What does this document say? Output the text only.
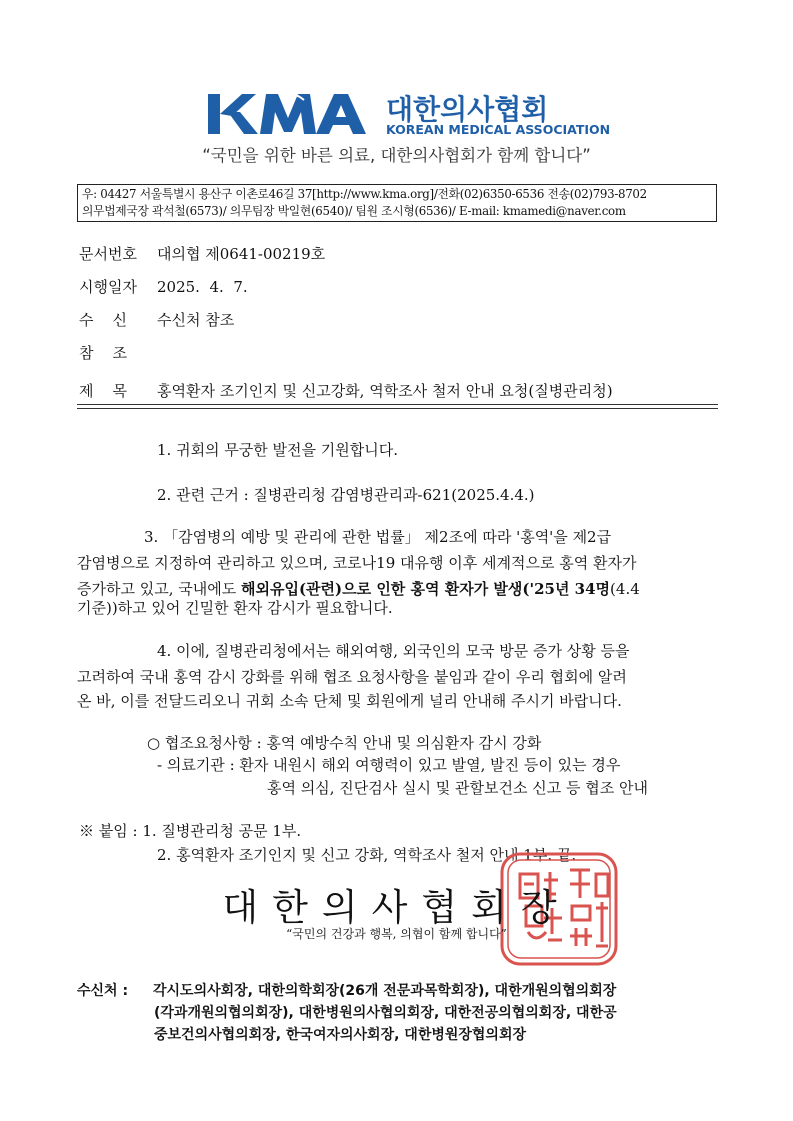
대한의사협회
KOREAN MEDICAL ASSOCIATION
“국민을 위한 바른 의료, 대한의사협회가 함께 합니다”
우: 04427 서울특별시 용산구 이촌로46길 37[http://www.kma.org]/전화(02)6350-6536 전송(02)793-8702
의무법제국장 곽석철(6573)/ 의무팀장 박일현(6540)/ 팀원 조시형(6536)/ E-mail: kmamedi@naver.com
문서번호 대의협 제0641-00219호
시행일자 2025.  4.  7.
수    신 수신처 참조
참    조
제    목 홍역환자 조기인지 및 신고강화, 역학조사 철저 안내 요청(질병관리청)
1. 귀회의 무궁한 발전을 기원합니다.
2. 관련 근거 : 질병관리청 감염병관리과-621(2025.4.4.)
3. 「감염병의 예방 및 관리에 관한 법률」 제2조에 따라 '홍역'을 제2급
감염병으로 지정하여 관리하고 있으며, 코로나19 대유행 이후 세계적으로 홍역 환자가
증가하고 있고, 국내에도 해외유입(관련)으로 인한 홍역 환자가 발생('25년 34명(4.4
기준))하고 있어 긴밀한 환자 감시가 필요합니다.
4. 이에, 질병관리청에서는 해외여행, 외국인의 모국 방문 증가 상황 등을
고려하여 국내 홍역 감시 강화를 위해 협조 요청사항을 붙임과 같이 우리 협회에 알려
온 바, 이를 전달드리오니 귀회 소속 단체 및 회원에게 널리 안내해 주시기 바랍니다.
○ 협조요청사항 : 홍역 예방수칙 안내 및 의심환자 감시 강화
- 의료기관 : 환자 내원시 해외 여행력이 있고 발열, 발진 등이 있는 경우
홍역 의심, 진단검사 실시 및 관할보건소 신고 등 협조 안내
※ 붙임 : 1. 질병관리청 공문 1부.
2. 홍역환자 조기인지 및 신고 강화, 역학조사 철저 안내 1부. 끝.
대한의사협회장
“국민의 건강과 행복, 의협이 함께 합니다”
수신처 : 각시도의사회장, 대한의학회장(26개 전문과목학회장), 대한개원의협의회장
(각과개원의협의회장), 대한병원의사협의회장, 대한전공의협의회장, 대한공
중보건의사협의회장, 한국여자의사회장, 대한병원장협의회장
